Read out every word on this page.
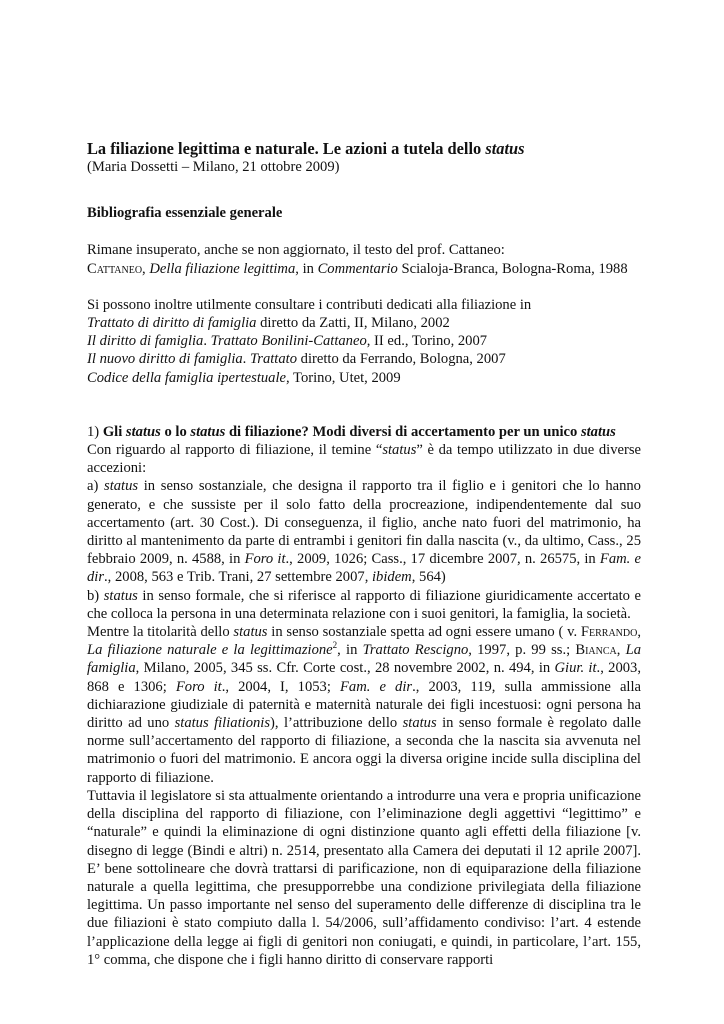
La filiazione legittima e naturale. Le azioni a tutela dello status

(Maria Dossetti – Milano, 21 ottobre 2009)

Bibliografia essenziale generale

Rimane insuperato, anche se non aggiornato, il testo del prof. Cattaneo:

Cattaneo, Della filiazione legittima, in Commentario Scialoja-Branca, Bologna-Roma, 1988

Si possono inoltre utilmente consultare i contributi dedicati alla filiazione in

Trattato di diritto di famiglia diretto da Zatti, II, Milano, 2002

Il diritto di famiglia. Trattato Bonilini-Cattaneo, II ed., Torino, 2007

Il nuovo diritto di famiglia. Trattato diretto da Ferrando, Bologna, 2007

Codice della famiglia ipertestuale, Torino, Utet, 2009

1) Gli status o lo status di filiazione? Modi diversi di accertamento per un unico status

Con riguardo al rapporto di filiazione, il temine “status” è da tempo utilizzato in due diverse accezioni:

a) status in senso sostanziale, che designa il rapporto tra il figlio e i genitori che lo hanno generato, e che sussiste per il solo fatto della procreazione, indipendentemente dal suo accertamento (art. 30 Cost.). Di conseguenza, il figlio, anche nato fuori del matrimonio, ha diritto al mantenimento da parte di entrambi i genitori fin dalla nascita (v., da ultimo, Cass., 25 febbraio 2009, n. 4588, in Foro it., 2009, 1026; Cass., 17 dicembre 2007, n. 26575, in Fam. e dir., 2008, 563 e Trib. Trani, 27 settembre 2007, ibidem, 564)

b) status in senso formale, che si riferisce al rapporto di filiazione giuridicamente accertato e che colloca la persona in una determinata relazione con i suoi genitori, la famiglia, la società.

Mentre la titolarità dello status in senso sostanziale spetta ad ogni essere umano ( v. Ferrando, La filiazione naturale e la legittimazione$^2$, in Trattato Rescigno, 1997, p. 99 ss.; Bianca, La famiglia, Milano, 2005, 345 ss. Cfr. Corte cost., 28 novembre 2002, n. 494, in Giur. it., 2003, 868 e 1306; Foro it., 2004, I, 1053; Fam. e dir., 2003, 119, sulla ammissione alla dichiarazione giudiziale di paternità e maternità naturale dei figli incestuosi: ogni persona ha diritto ad uno status filiationis), l’attribuzione dello status in senso formale è regolato dalle norme sull’accertamento del rapporto di filiazione, a seconda che la nascita sia avvenuta nel matrimonio o fuori del matrimonio. E ancora oggi la diversa origine incide sulla disciplina del rapporto di filiazione.

Tuttavia il legislatore si sta attualmente orientando a introdurre una vera e propria unificazione della disciplina del rapporto di filiazione, con l’eliminazione degli aggettivi “legittimo” e “naturale” e quindi la eliminazione di ogni distinzione quanto agli effetti della filiazione [v. disegno di legge (Bindi e altri) n. 2514, presentato alla Camera dei deputati il 12 aprile 2007]. E’ bene sottolineare che dovrà trattarsi di parificazione, non di equiparazione della filiazione naturale a quella legittima, che presupporrebbe una condizione privilegiata della filiazione legittima. Un passo importante nel senso del superamento delle differenze di disciplina tra le due filiazioni è stato compiuto dalla l. 54/2006, sull’affidamento condiviso: l’art. 4 estende l’applicazione della legge ai figli di genitori non coniugati, e quindi, in particolare, l’art. 155, 1° comma, che dispone che i figli hanno diritto di conservare rapporti
